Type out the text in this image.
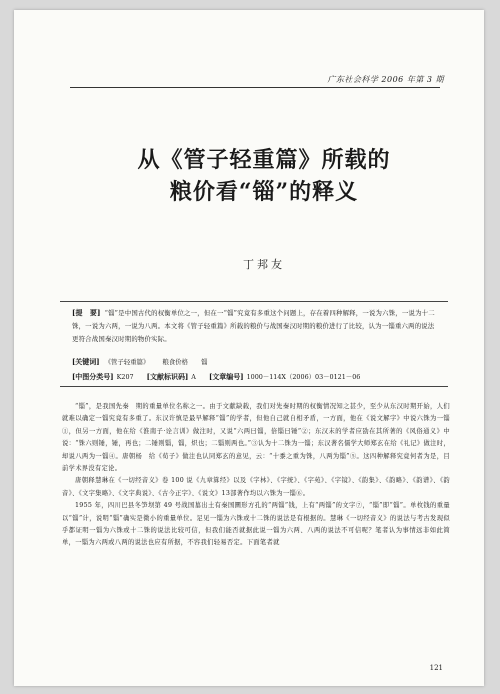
广东社会科学 2006 年第 3 期
从《管子轻重篇》所载的
粮价看“锱”的释义
丁邦友
[提　要] “锱”是中国古代的权衡单位之一，但在一“锱”究竟有多重这个问题上，存在着四种解释，一说为六铢，一说为十二铢，一说为六两，一说为八两。本文将《管子轻重篇》所载的粮价与战国秦汉时期的粮价进行了比较，认为一锱重六两的说法更符合战国秦汉时期的物价实际。
[关键词] 《管子轻重篇》 粮食价格 锱
[中图分类号] K207 [文献标识码] A [文章编号] 1000－114X（2006）03－0121－06

“锱”，是我国先秦　期的重量单位名称之一。由于文献缺载，我们对先秦时期的权衡情况知之甚少，至少从东汉时期开始，人们就难以确定一锱究竟有多重了。东汉许慎是最早解释“锱”的学者，但他自己就自相矛盾，一方面，他在《说文解字》中说六铢为一锱①，但另一方面，他在给《淮南子·诠言训》做注时，又说“六两曰锱，倍锱曰锤”②；东汉末的学者应劭在其所著的《风俗通义》中说：“铢六则锤，锤，再也；二锤则锱，锱，炽也；二锱则两也。”③认为十二铢为一锱；东汉著名儒学大师郑玄在给《礼记》做注时，却说八两为一锱④。唐朝杨　给《荀子》做注也认同郑玄的意见，云：“十黍之重为铢，八两为锱”⑤。这四种解释究竟何者为是，目前学术界没有定论。

唐朝释慧琳在《一切经音义》卷 100 说《九章算经》以及《字林》、《字统》、《字苑》、《字镜》、《韵集》、《韵略》、《韵谱》、《韵音》、《文字集略》、《文字典说》、《古今正字》、《说文》13部著作均以六铢为一锱⑥。

1955 年，四川巴县冬笋坝第 49 号战国墓出土有秦国圜形方孔的“两锱”钱，上有“两锱”的文字⑦，“锱”即“锱”。单枚钱的重量以“锱”计，说明“锱”确实是微小的重量单位。足见一锱为六铢或十二铢的说法是有根据的。慧琳《一切经音义》的说法与考古发现似乎都证明一锱为六铢或十二铢的说法比较可信，但我们能否就据此说一锱为六两、八两的说法不可信呢？笔者认为事情远非如此简单，一锱为六两或八两的说法也应有所据，不容我们轻易否定。下面笔者就

121
